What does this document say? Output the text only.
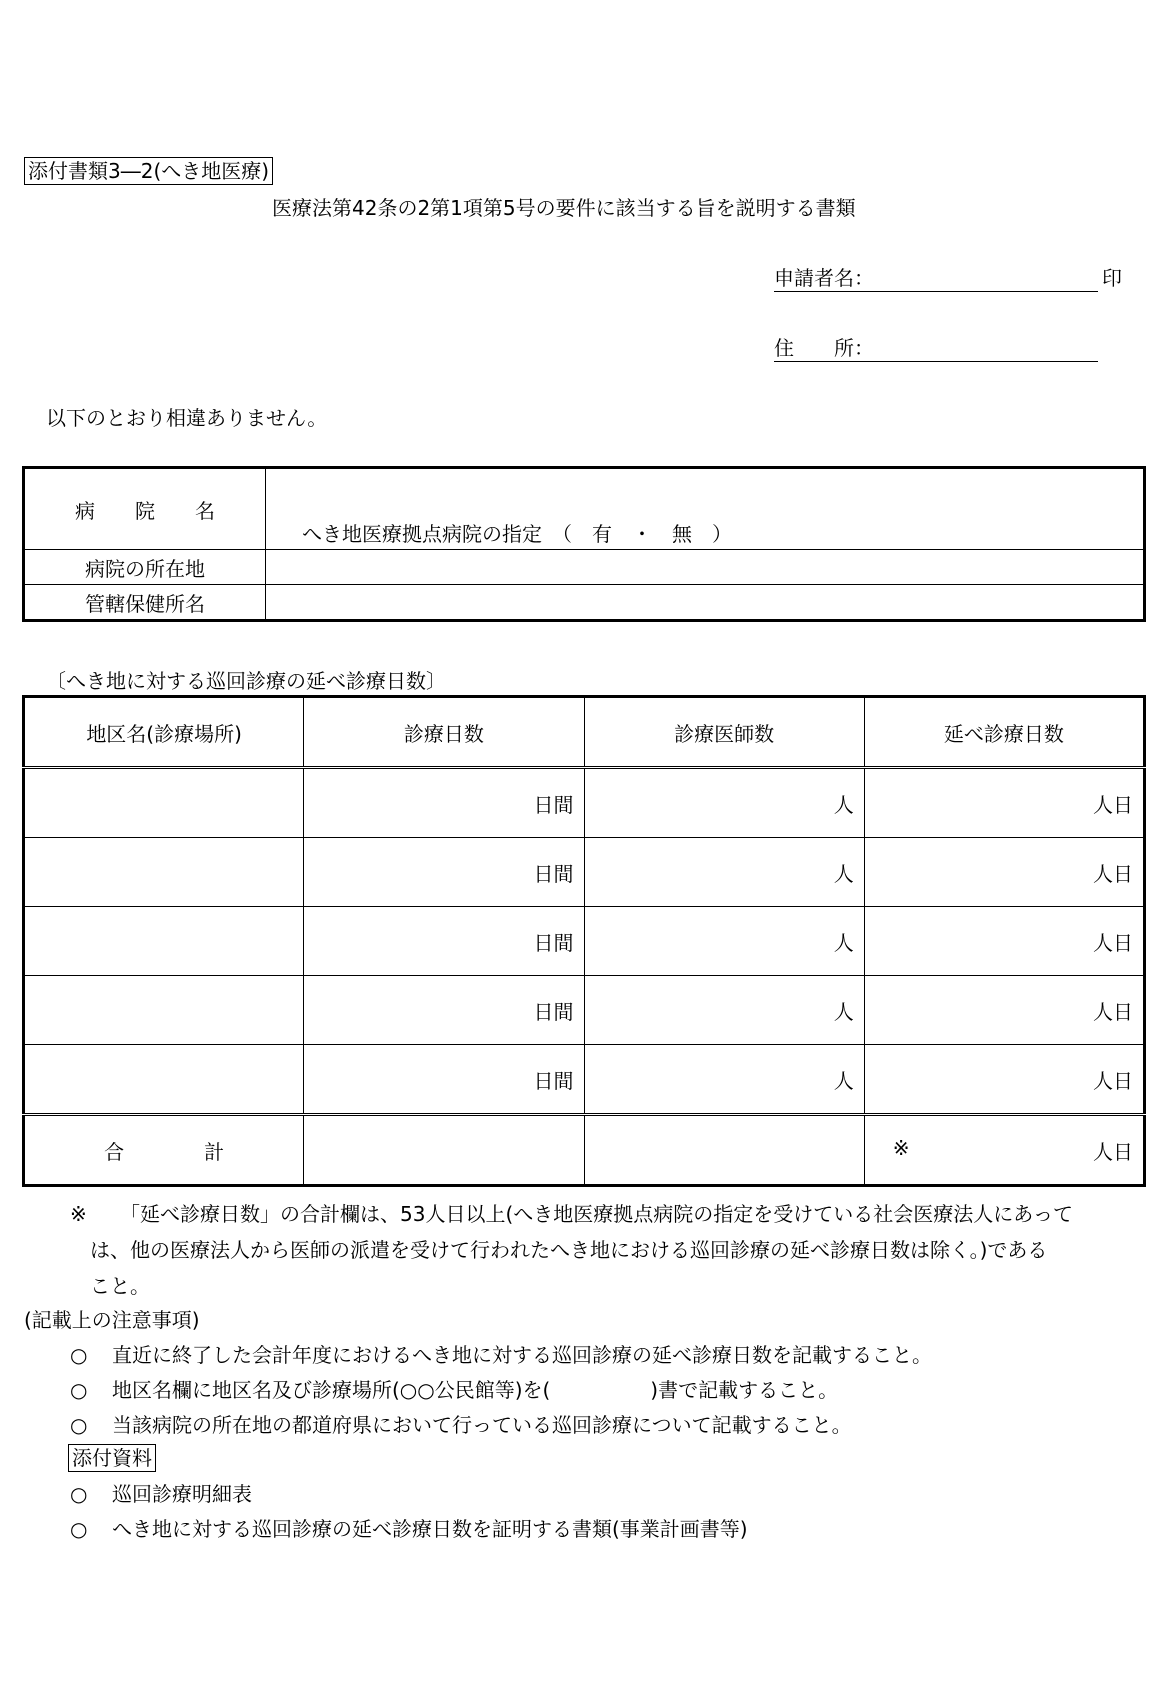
添付書類3―2(へき地医療)
医療法第42条の2第1項第5号の要件に該当する旨を説明する書類
申請者名：	印
住　　所：
以下のとおり相違ありません。
病　　院　　名	へき地医療拠点病院の指定　（　有　・　無　）
病院の所在地	
管轄保健所名	
〔へき地に対する巡回診療の延べ診療日数〕
地区名(診療場所)	診療日数	診療医師数	延べ診療日数
	日間	人	人日
	日間	人	人日
	日間	人	人日
	日間	人	人日
	日間	人	人日
合　　　　計			※ 人日
※ 「延べ診療日数」の合計欄は、53人日以上(へき地医療拠点病院の指定を受けている社会医療法人にあって
は、他の医療法人から医師の派遣を受けて行われたへき地における巡回診療の延べ診療日数は除く。)である
こと。
(記載上の注意事項)
○ 直近に終了した会計年度におけるへき地に対する巡回診療の延べ診療日数を記載すること。
○ 地区名欄に地区名及び診療場所(○○公民館等)を(　　　　　)書で記載すること。
○ 当該病院の所在地の都道府県において行っている巡回診療について記載すること。
添付資料
○ 巡回診療明細表
○ へき地に対する巡回診療の延べ診療日数を証明する書類(事業計画書等)
